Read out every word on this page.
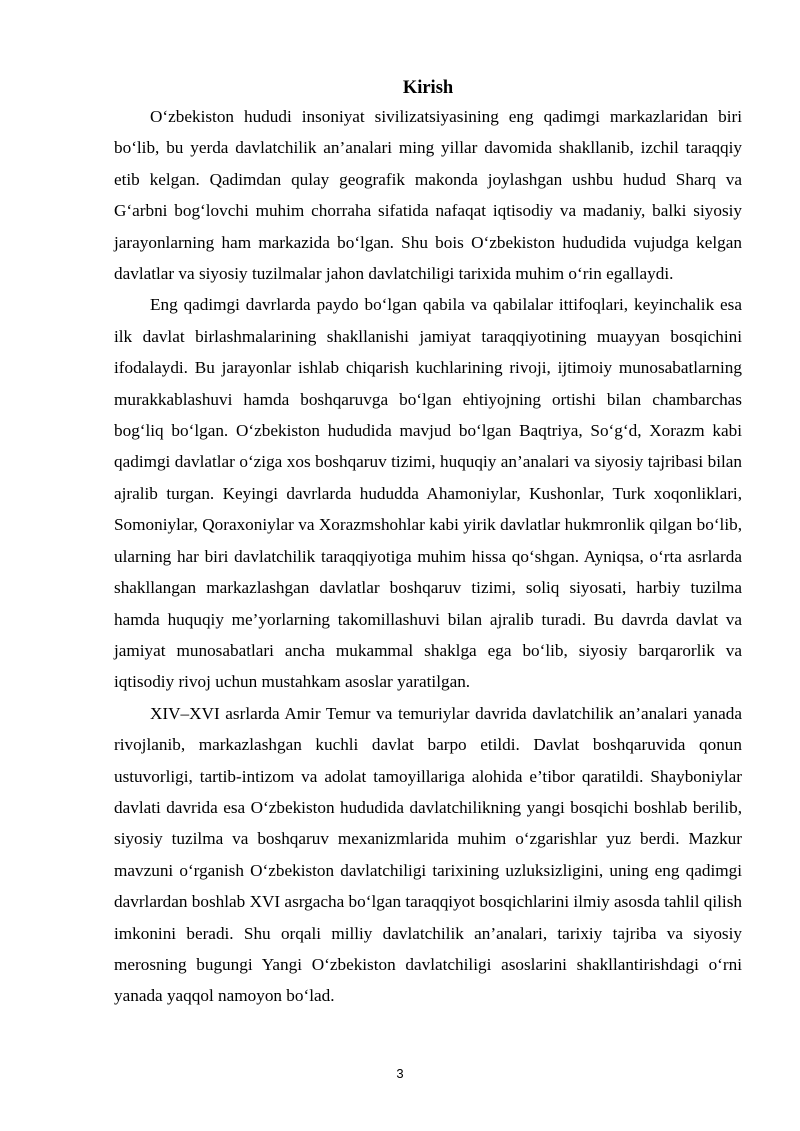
Kirish

O‘zbekiston hududi insoniyat sivilizatsiyasining eng qadimgi markazlaridan biri bo‘lib, bu yerda davlatchilik an’analari ming yillar davomida shakllanib, izchil taraqqiy etib kelgan. Qadimdan qulay geografik makonda joylashgan ushbu hudud Sharq va G‘arbni bog‘lovchi muhim chorraha sifatida nafaqat iqtisodiy va madaniy, balki siyosiy jarayonlarning ham markazida bo‘lgan. Shu bois O‘zbekiston hududida vujudga kelgan davlatlar va siyosiy tuzilmalar jahon davlatchiligi tarixida muhim o‘rin egallaydi.

Eng qadimgi davrlarda paydo bo‘lgan qabila va qabilalar ittifoqlari, keyinchalik esa ilk davlat birlashmalarining shakllanishi jamiyat taraqqiyotining muayyan bosqichini ifodalaydi. Bu jarayonlar ishlab chiqarish kuchlarining rivoji, ijtimoiy munosabatlarning murakkablashuvi hamda boshqaruvga bo‘lgan ehtiyojning ortishi bilan chambarchas bog‘liq bo‘lgan. O‘zbekiston hududida mavjud bo‘lgan Baqtriya, So‘g‘d, Xorazm kabi qadimgi davlatlar o‘ziga xos boshqaruv tizimi, huquqiy an’analari va siyosiy tajribasi bilan ajralib turgan. Keyingi davrlarda hududda Ahamoniylar, Kushonlar, Turk xoqonliklari, Somoniylar, Qoraxoniylar va Xorazmshohlar kabi yirik davlatlar hukmronlik qilgan bo‘lib, ularning har biri davlatchilik taraqqiyotiga muhim hissa qo‘shgan. Ayniqsa, o‘rta asrlarda shakllangan markazlashgan davlatlar boshqaruv tizimi, soliq siyosati, harbiy tuzilma hamda huquqiy me’yorlarning takomillashuvi bilan ajralib turadi. Bu davrda davlat va jamiyat munosabatlari ancha mukammal shaklga ega bo‘lib, siyosiy barqarorlik va iqtisodiy rivoj uchun mustahkam asoslar yaratilgan.

XIV–XVI asrlarda Amir Temur va temuriylar davrida davlatchilik an’analari yanada rivojlanib, markazlashgan kuchli davlat barpo etildi. Davlat boshqaruvida qonun ustuvorligi, tartib-intizom va adolat tamoyillariga alohida e’tibor qaratildi. Shayboniylar davlati davrida esa O‘zbekiston hududida davlatchilikning yangi bosqichi boshlab berilib, siyosiy tuzilma va boshqaruv mexanizmlarida muhim o‘zgarishlar yuz berdi. Mazkur mavzuni o‘rganish O‘zbekiston davlatchiligi tarixining uzluksizligini, uning eng qadimgi davrlardan boshlab XVI asrgacha bo‘lgan taraqqiyot bosqichlarini ilmiy asosda tahlil qilish imkonini beradi. Shu orqali milliy davlatchilik an’analari, tarixiy tajriba va siyosiy merosning bugungi Yangi O‘zbekiston davlatchiligi asoslarini shakllantirishdagi o‘rni yanada yaqqol namoyon bo‘lad.

3
